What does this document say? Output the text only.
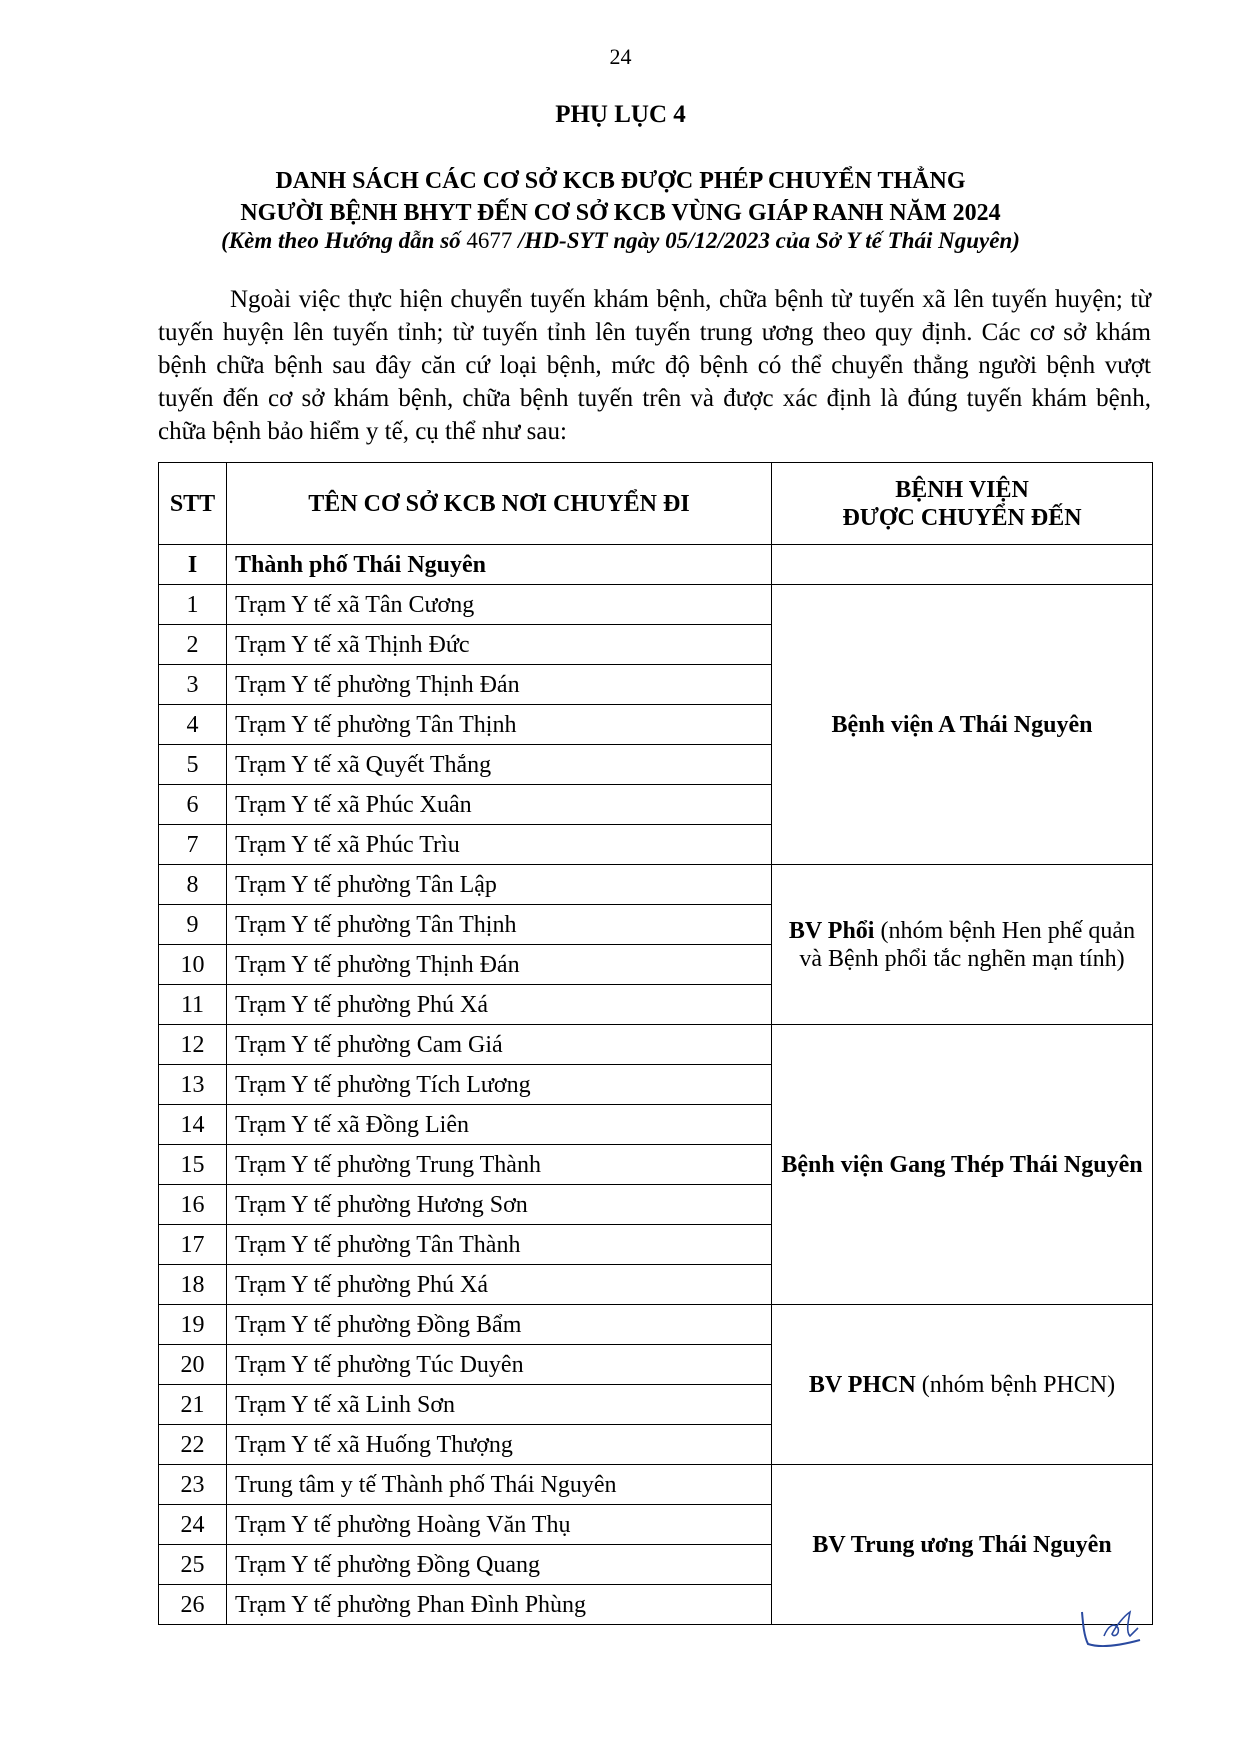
24
PHỤ LỤC 4
DANH SÁCH CÁC CƠ SỞ KCB ĐƯỢC PHÉP CHUYỂN THẲNG
NGƯỜI BỆNH BHYT ĐẾN CƠ SỞ KCB VÙNG GIÁP RANH NĂM 2024
(Kèm theo Hướng dẫn số 4677 /HD-SYT ngày 05/12/2023 của Sở Y tế Thái Nguyên)

Ngoài việc thực hiện chuyển tuyến khám bệnh, chữa bệnh từ tuyến xã lên tuyến huyện; từ tuyến huyện lên tuyến tỉnh; từ tuyến tỉnh lên tuyến trung ương theo quy định. Các cơ sở khám bệnh chữa bệnh sau đây căn cứ loại bệnh, mức độ bệnh có thể chuyển thẳng người bệnh vượt tuyến đến cơ sở khám bệnh, chữa bệnh tuyến trên và được xác định là đúng tuyến khám bệnh, chữa bệnh bảo hiểm y tế, cụ thể như sau:

STT	TÊN CƠ SỞ KCB NƠI CHUYỂN ĐI	BỆNH VIỆN
ĐƯỢC CHUYỂN ĐẾN

I	Thành phố Thái Nguyên	
1	Trạm Y tế xã Tân Cương	Bệnh viện A Thái Nguyên
2	Trạm Y tế xã Thịnh Đức	
3	Trạm Y tế phường Thịnh Đán	
4	Trạm Y tế phường Tân Thịnh	
5	Trạm Y tế xã Quyết Thắng	
6	Trạm Y tế xã Phúc Xuân	
7	Trạm Y tế xã Phúc Trìu	
8	Trạm Y tế phường Tân Lập	BV Phổi (nhóm bệnh Hen phế quản và Bệnh phổi tắc nghẽn mạn tính)
9	Trạm Y tế phường Tân Thịnh	
10	Trạm Y tế phường Thịnh Đán	
11	Trạm Y tế phường Phú Xá	
12	Trạm Y tế phường Cam Giá	Bệnh viện Gang Thép Thái Nguyên
13	Trạm Y tế phường Tích Lương	
14	Trạm Y tế xã Đồng Liên	
15	Trạm Y tế phường Trung Thành	
16	Trạm Y tế phường Hương Sơn	
17	Trạm Y tế phường Tân Thành	
18	Trạm Y tế phường Phú Xá	
19	Trạm Y tế phường Đồng Bẩm	BV PHCN (nhóm bệnh PHCN)
20	Trạm Y tế phường Túc Duyên	
21	Trạm Y tế xã Linh Sơn	
22	Trạm Y tế xã Huống Thượng	
23	Trung tâm y tế Thành phố Thái Nguyên	BV Trung ương Thái Nguyên
24	Trạm Y tế phường Hoàng Văn Thụ	
25	Trạm Y tế phường Đồng Quang	
26	Trạm Y tế phường Phan Đình Phùng	
